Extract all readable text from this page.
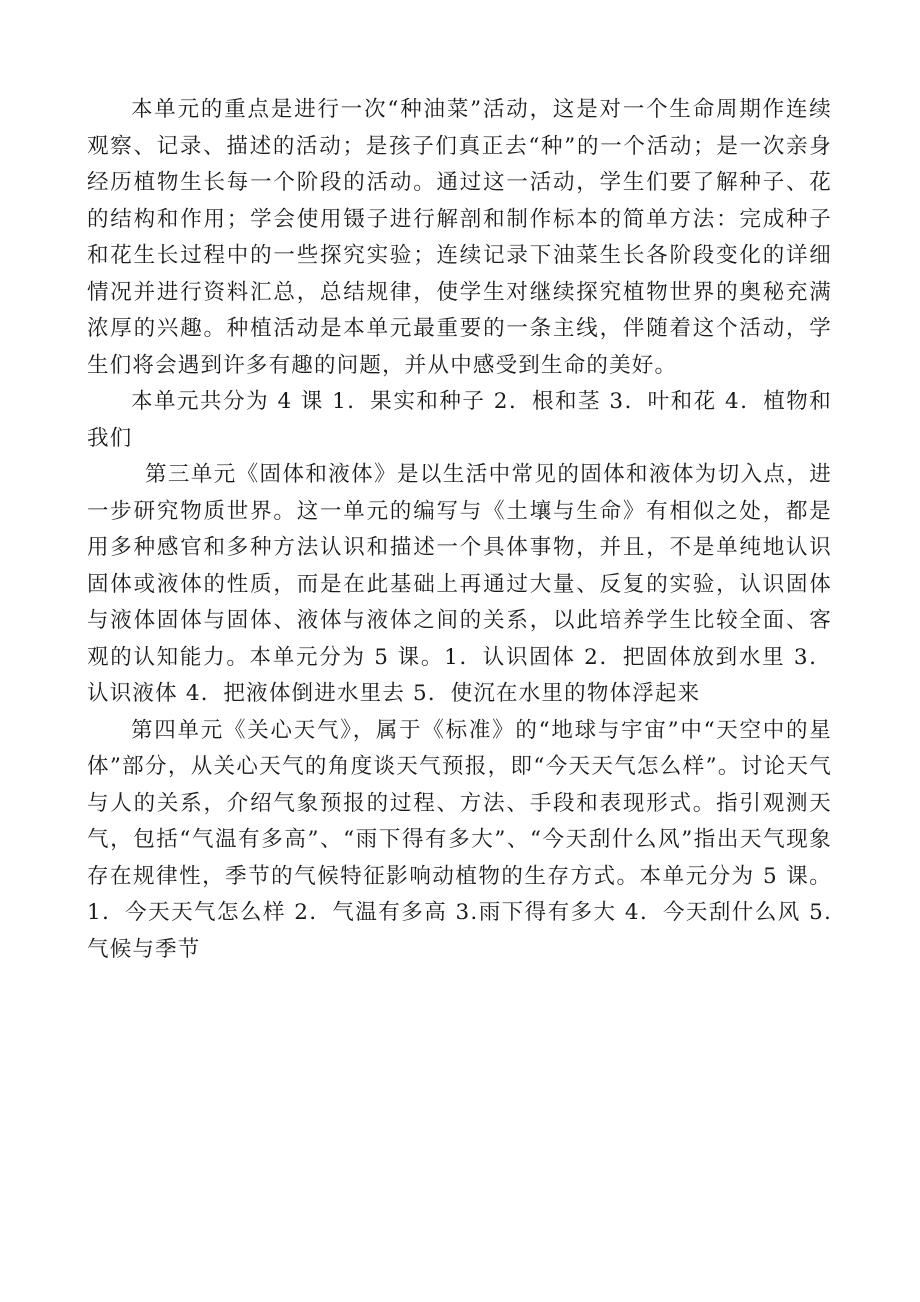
本单元的重点是进行一次“种油菜”活动，这是对一个生命周期作连续观察、记录、描述的活动；是孩子们真正去“种”的一个活动；是一次亲身经历植物生长每一个阶段的活动。通过这一活动，学生们要了解种子、花的结构和作用；学会使用镊子进行解剖和制作标本的简单方法：完成种子和花生长过程中的一些探究实验；连续记录下油菜生长各阶段变化的详细情况并进行资料汇总，总结规律，使学生对继续探究植物世界的奥秘充满浓厚的兴趣。种植活动是本单元最重要的一条主线，伴随着这个活动，学生们将会遇到许多有趣的问题，并从中感受到生命的美好。

本单元共分为 4 课 1．果实和种子 2．根和茎 3．叶和花 4．植物和我们

第三单元《固体和液体》是以生活中常见的固体和液体为切入点，进一步研究物质世界。这一单元的编写与《土壤与生命》有相似之处，都是用多种感官和多种方法认识和描述一个具体事物，并且，不是单纯地认识固体或液体的性质，而是在此基础上再通过大量、反复的实验，认识固体与液体固体与固体、液体与液体之间的关系，以此培养学生比较全面、客观的认知能力。本单元分为 5 课。1．认识固体 2．把固体放到水里 3．认识液体 4．把液体倒进水里去 5．使沉在水里的物体浮起来

第四单元《关心天气》，属于《标准》的“地球与宇宙”中“天空中的星体”部分，从关心天气的角度谈天气预报，即“今天天气怎么样”。讨论天气与人的关系，介绍气象预报的过程、方法、手段和表现形式。指引观测天气，包括“气温有多高”、“雨下得有多大”、“今天刮什么风”指出天气现象存在规律性，季节的气候特征影响动植物的生存方式。本单元分为 5 课。 1．今天天气怎么样 2．气温有多高 3.雨下得有多大 4．今天刮什么风 5. 气候与季节
